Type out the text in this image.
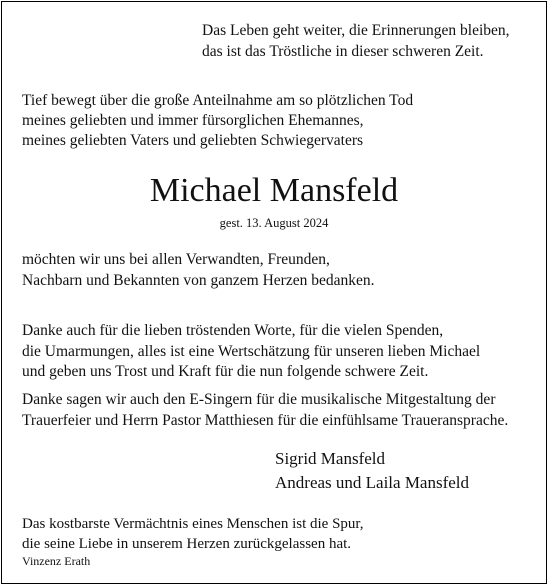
Das Leben geht weiter, die Erinnerungen bleiben,
das ist das Tröstliche in dieser schweren Zeit.

Tief bewegt über die große Anteilnahme am so plötzlichen Tod
meines geliebten und immer fürsorglichen Ehemannes,
meines geliebten Vaters und geliebten Schwiegervaters

Michael Mansfeld
gest. 13. August 2024

möchten wir uns bei allen Verwandten, Freunden,
Nachbarn und Bekannten von ganzem Herzen bedanken.

Danke auch für die lieben tröstenden Worte, für die vielen Spenden,
die Umarmungen, alles ist eine Wertschätzung für unseren lieben Michael
und geben uns Trost und Kraft für die nun folgende schwere Zeit.

Danke sagen wir auch den E-Singern für die musikalische Mitgestaltung der
Trauerfeier und Herrn Pastor Matthiesen für die einfühlsame Traueransprache.

Sigrid Mansfeld
Andreas und Laila Mansfeld

Das kostbarste Vermächtnis eines Menschen ist die Spur,
die seine Liebe in unserem Herzen zurückgelassen hat.

Vinzenz Erath
